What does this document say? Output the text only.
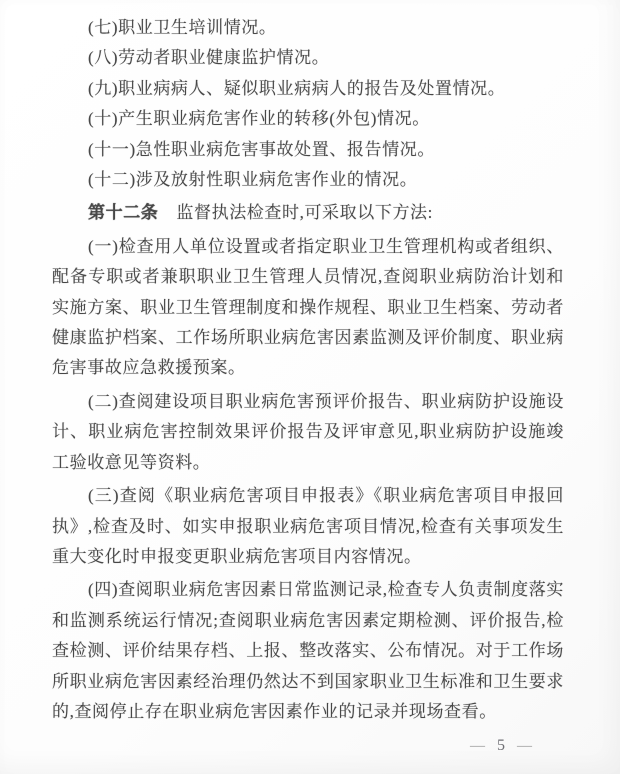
(七)职业卫生培训情况。

(八)劳动者职业健康监护情况。

(九)职业病病人、疑似职业病病人的报告及处置情况。

(十)产生职业病危害作业的转移(外包)情况。

(十一)急性职业病危害事故处置、报告情况。

(十二)涉及放射性职业病危害作业的情况。

第十二条 监督执法检查时,可采取以下方法:

(一)检查用人单位设置或者指定职业卫生管理机构或者组织、配备专职或者兼职职业卫生管理人员情况,查阅职业病防治计划和实施方案、职业卫生管理制度和操作规程、职业卫生档案、劳动者健康监护档案、工作场所职业病危害因素监测及评价制度、职业病危害事故应急救援预案。

(二)查阅建设项目职业病危害预评价报告、职业病防护设施设计、职业病危害控制效果评价报告及评审意见,职业病防护设施竣工验收意见等资料。

(三)查阅《职业病危害项目申报表》《职业病危害项目申报回执》,检查及时、如实申报职业病危害项目情况,检查有关事项发生重大变化时申报变更职业病危害项目内容情况。

(四)查阅职业病危害因素日常监测记录,检查专人负责制度落实和监测系统运行情况;查阅职业病危害因素定期检测、评价报告,检查检测、评价结果存档、上报、整改落实、公布情况。对于工作场所职业病危害因素经治理仍然达不到国家职业卫生标准和卫生要求的,查阅停止存在职业病危害因素作业的记录并现场查看。

— 5 —
